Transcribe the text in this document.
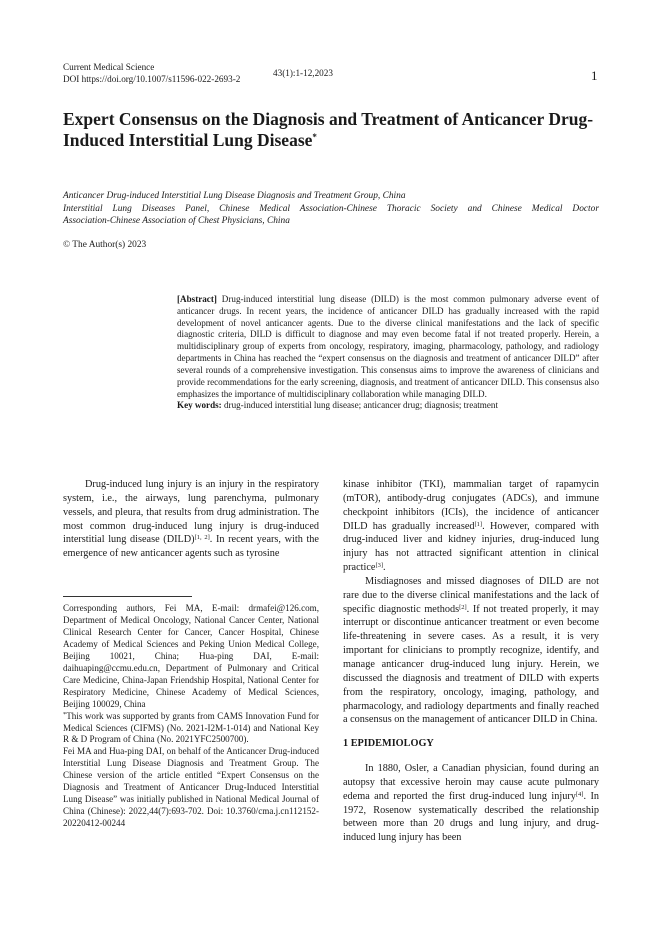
Current Medical Science
DOI https://doi.org/10.1007/s11596-022-2693-2
43(1):1-12,2023	1
Expert Consensus on the Diagnosis and Treatment of Anticancer Drug-Induced Interstitial Lung Disease*
Anticancer Drug-induced Interstitial Lung Disease Diagnosis and Treatment Group, China
Interstitial Lung Diseases Panel, Chinese Medical Association-Chinese Thoracic Society and Chinese Medical Doctor
Association-Chinese Association of Chest Physicians, China
© The Author(s) 2023
[Abstract] Drug-induced interstitial lung disease (DILD) is the most common pulmonary adverse event of anticancer drugs. In recent years, the incidence of anticancer DILD has gradually increased with the rapid development of novel anticancer agents. Due to the diverse clinical manifestations and the lack of specific diagnostic criteria, DILD is difficult to diagnose and may even become fatal if not treated properly. Herein, a multidisciplinary group of experts from oncology, respiratory, imaging, pharmacology, pathology, and radiology departments in China has reached the “expert consensus on the diagnosis and treatment of anticancer DILD” after several rounds of a comprehensive investigation. This consensus aims to improve the awareness of clinicians and provide recommendations for the early screening, diagnosis, and treatment of anticancer DILD. This consensus also emphasizes the importance of multidisciplinary collaboration while managing DILD.
Key words: drug-induced interstitial lung disease; anticancer drug; diagnosis; treatment

Drug-induced lung injury is an injury in the respiratory system, i.e., the airways, lung parenchyma, pulmonary vessels, and pleura, that results from drug administration. The most common drug-induced lung injury is drug-induced interstitial lung disease (DILD)[1, 2]. In recent years, with the emergence of new anticancer agents such as tyrosine

Corresponding authors, Fei MA, E-mail: drmafei@126.com, Department of Medical Oncology, National Cancer Center, National Clinical Research Center for Cancer, Cancer Hospital, Chinese Academy of Medical Sciences and Peking Union Medical College, Beijing 10021, China; Hua-ping DAI, E-mail: daihuaping@ccmu.edu.cn, Department of Pulmonary and Critical Care Medicine, China-Japan Friendship Hospital, National Center for Respiratory Medicine, Chinese Academy of Medical Sciences, Beijing 100029, China

*This work was supported by grants from CAMS Innovation Fund for Medical Sciences (CIFMS) (No. 2021-I2M-1-014) and National Key R & D Program of China (No. 2021YFC2500700).

Fei MA and Hua-ping DAI, on behalf of the Anticancer Drug-induced Interstitial Lung Disease Diagnosis and Treatment Group. The Chinese version of the article entitled “Expert Consensus on the Diagnosis and Treatment of Anticancer Drug-Induced Interstitial Lung Disease” was initially published in National Medical Journal of China (Chinese): 2022,44(7):693-702. Doi: 10.3760/cma.j.cn112152-20220412-00244

kinase inhibitor (TKI), mammalian target of rapamycin (mTOR), antibody-drug conjugates (ADCs), and immune checkpoint inhibitors (ICIs), the incidence of anticancer DILD has gradually increased[1]. However, compared with drug-induced liver and kidney injuries, drug-induced lung injury has not attracted significant attention in clinical practice[3].

Misdiagnoses and missed diagnoses of DILD are not rare due to the diverse clinical manifestations and the lack of specific diagnostic methods[2]. If not treated properly, it may interrupt or discontinue anticancer treatment or even become life-threatening in severe cases. As a result, it is very important for clinicians to promptly recognize, identify, and manage anticancer drug-induced lung injury. Herein, we discussed the diagnosis and treatment of DILD with experts from the respiratory, oncology, imaging, pathology, and pharmacology, and radiology departments and finally reached a consensus on the management of anticancer DILD in China.

1 EPIDEMIOLOGY

In 1880, Osler, a Canadian physician, found during an autopsy that excessive heroin may cause acute pulmonary edema and reported the first drug-induced lung injury[4]. In 1972, Rosenow systematically described the relationship between more than 20 drugs and lung injury, and drug-induced lung injury has been
